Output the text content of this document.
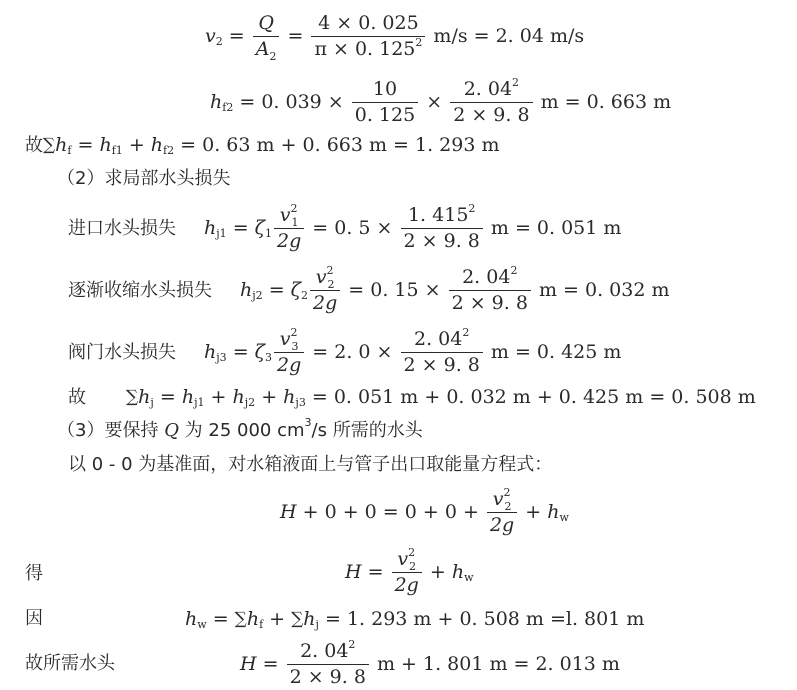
v $2 = \frac{Q}{A_2} = \frac{4 \times 0. 025}{\pi \times 0. 125^2} m/s = 2$. 04 m/s
h f2 = 0. $039 \times \frac{10}{0. 125} \times \frac{2. 04^2}{2 \times 9. 8}$ m = 0. 663 m
故 ∑ h f = h f1 + h f2 = 0. 63 m + 0. 663 m = 1. 293 m
（2）求局部水头损失
进口水头损失 h j1 = ζ $1 \frac{v^2_1}{2g} = 0$. $5 \times \frac{1. 415^2}{2 \times 9. 8}$ m = 0. 051 m
逐渐收缩水头损失 h j2 = ζ $2 \frac{v^2_2}{2g} = 0$. $15 \times \frac{2. 04^2}{2 \times 9. 8}$ m = 0. 032 m
阀门水头损失 h j3 = ζ $3 \frac{v^2_3}{2g} = 2$. $0 \times \frac{2. 04^2}{2 \times 9. 8}$ m = 0. 425 m
故 ∑ h j = h j1 + h j2 + h j3 = 0. 051 m + 0. 032 m + 0. 425 m = 0. 508 m
（3）要保持 Q 为 25 000 cm 3 /s 所需的水头
以 0 - 0 为基准面，对水箱液面上与管子出口取能量方程式：
$H + 0 + 0 = 0 + 0 + \frac{v^2_2}{2g} + h$ w
得	$H = \frac{v^2_2}{2g} + h$ w
因	h w = ∑ h f + ∑ h j = 1. 293 m + 0. 508 m =l. 801 m
故所需水头	$H = \frac{2. 04^2}{2 \times 9. 8}$ m + 1. 801 m = 2. 013 m
